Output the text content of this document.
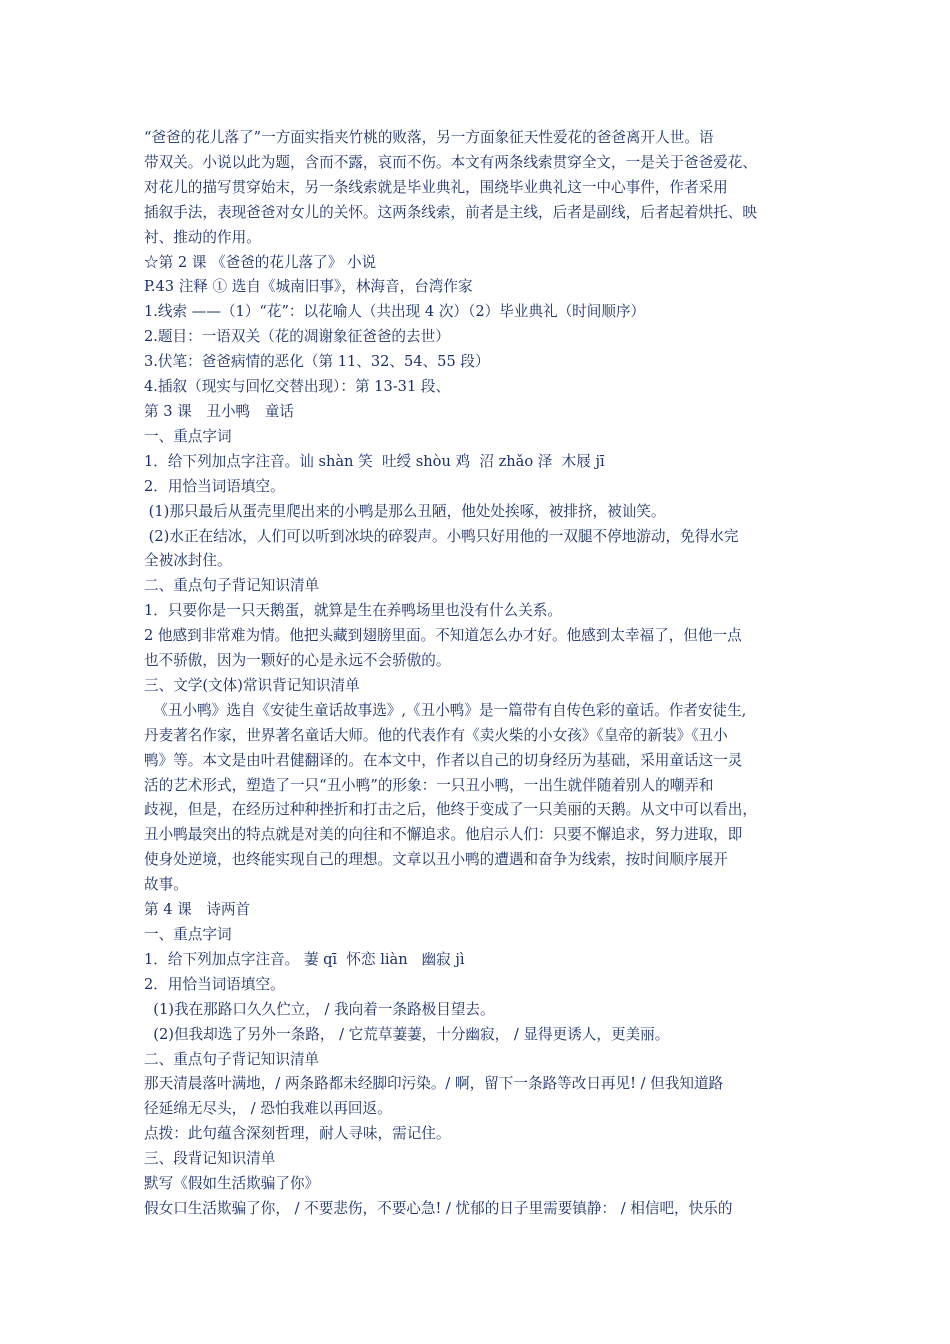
“爸爸的花儿落了”一方面实指夹竹桃的败落，另一方面象征天性爱花的爸爸离开人世。语
带双关。小说以此为题，含而不露，哀而不伤。本文有两条线索贯穿全文，一是关于爸爸爱花、
对花儿的描写贯穿始末，另一条线索就是毕业典礼，围绕毕业典礼这一中心事件，作者采用
插叙手法，表现爸爸对女儿的关怀。这两条线索，前者是主线，后者是副线，后者起着烘托、映
衬、推动的作用。
☆第 2 课 《爸爸的花儿落了》 小说
P.43 注释 ① 选自《城南旧事》，林海音，台湾作家
1.线索 ——（1）“花”：以花喻人（共出现 4 次）（2）毕业典礼（时间顺序）
2.题目：一语双关（花的凋谢象征爸爸的去世）
3.伏笔：爸爸病情的恶化（第 11、32、54、55 段）
4.插叙（现实与回忆交替出现）：第 13-31 段、
第 3 课　丑小鸭　童话
一、重点字词
1．给下列加点字注音。讪 shàn 笑  吐绶 shòu 鸡  沼 zhǎo 泽  木屐 jī
2．用恰当词语填空。
(1)那只最后从蛋壳里爬出来的小鸭是那么丑陋，他处处挨啄，被排挤，被讪笑。
(2)水正在结冰，人们可以听到冰块的碎裂声。小鸭只好用他的一双腿不停地游动，免得水完
全被冰封住。
二、重点句子背记知识清单
1．只要你是一只天鹅蛋，就算是生在养鸭场里也没有什么关系。
2 他感到非常难为情。他把头藏到翅膀里面。不知道怎么办才好。他感到太幸福了，但他一点
也不骄傲，因为一颗好的心是永远不会骄傲的。
三、文学(文体)常识背记知识清单
《丑小鸭》选自《安徒生童话故事选》,《丑小鸭》是一篇带有自传色彩的童话。作者安徒生,
丹麦著名作家，世界著名童话大师。他的代表作有《卖火柴的小女孩》《皇帝的新装》《丑小
鸭》等。本文是由叶君健翻译的。在本文中，作者以自己的切身经历为基础，采用童话这一灵
活的艺术形式，塑造了一只“丑小鸭”的形象：一只丑小鸭，一出生就伴随着别人的嘲弄和
歧视，但是，在经历过种种挫折和打击之后，他终于变成了一只美丽的天鹅。从文中可以看出，
丑小鸭最突出的特点就是对美的向往和不懈追求。他启示人们：只要不懈追求，努力进取，即
使身处逆境，也终能实现自己的理想。文章以丑小鸭的遭遇和奋争为线索，按时间顺序展开
故事。
第 4 课　诗两首
一、重点字词
1．给下列加点字注音。 萋 qī  怀恋 liàn   幽寂 jì
2．用恰当词语填空。
(1)我在那路口久久伫立， / 我向着一条路极目望去。
(2)但我却选了另外一条路， / 它荒草萋萋，十分幽寂， / 显得更诱人，更美丽。
二、重点句子背记知识清单
那天清晨落叶满地，/ 两条路都未经脚印污染。/ 啊，留下一条路等改日再见! / 但我知道路
径延绵无尽头， / 恐怕我难以再回返。
点拨：此句蕴含深刻哲理，耐人寻味，需记住。
三、段背记知识清单
默写《假如生活欺骗了你》
假女口生活欺骗了你， / 不要悲伤，不要心急! / 忧郁的日子里需要镇静： / 相信吧，快乐的
